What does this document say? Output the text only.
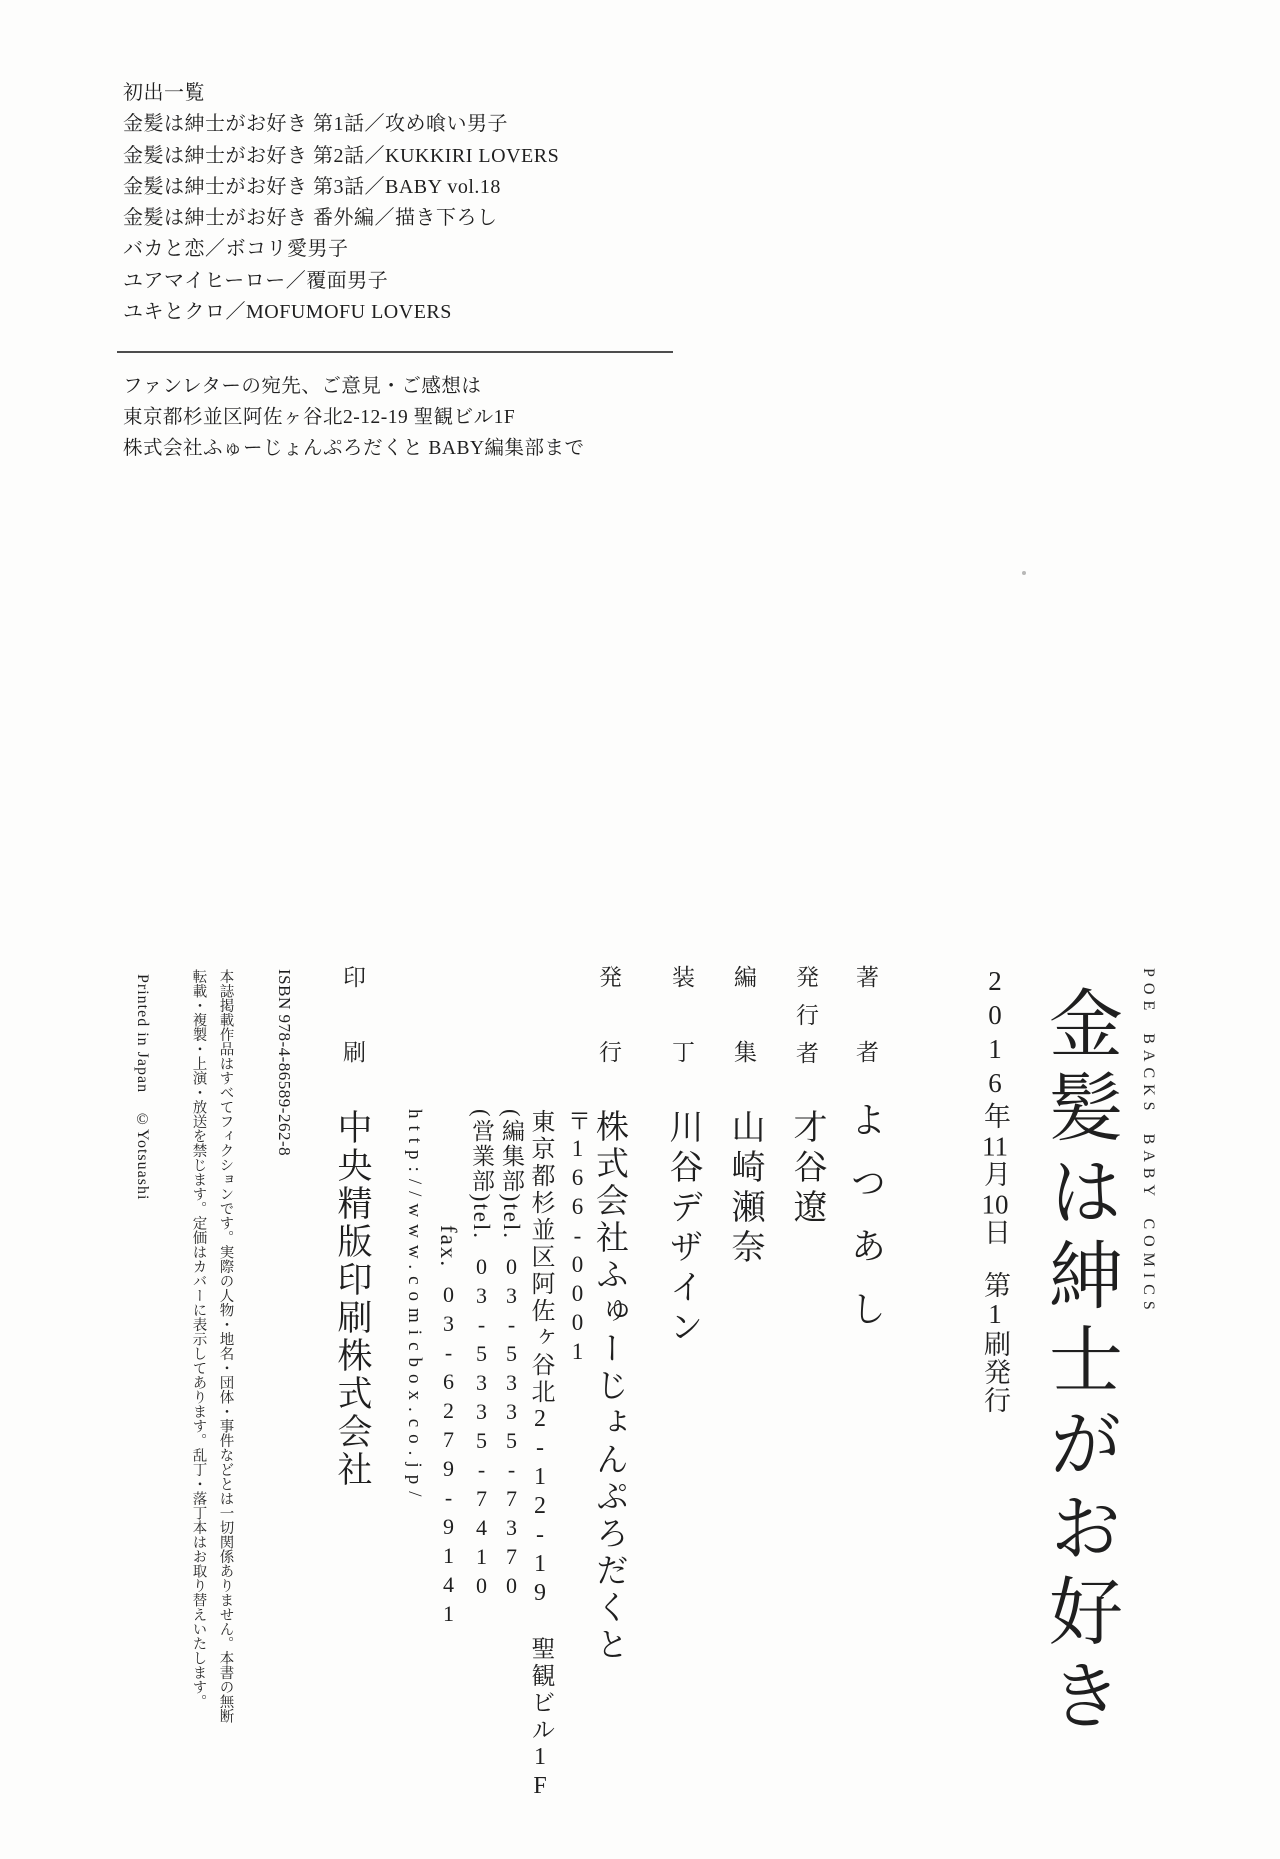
初出一覧
金髪は紳士がお好き 第1話／攻め喰い男子
金髪は紳士がお好き 第2話／KUKKIRI LOVERS
金髪は紳士がお好き 第3話／BABY vol.18
金髪は紳士がお好き 番外編／描き下ろし
バカと恋／ボコリ愛男子
ユアマイヒーロー／覆面男子
ユキとクロ／MOFUMOFU LOVERS
ファンレターの宛先、ご意見・ご感想は
東京都杉並区阿佐ヶ谷北2-12-19 聖観ビル1F
株式会社ふゅーじょんぷろだくと BABY編集部まで
POE BACKS BABY COMICS
金髪は紳士がお好き
2016年11月10日第1刷発行
著者
よつあし
発行者
才谷遼
編集
山崎瀬奈
装丁
川谷デザイン
発行
株式会社ふゅーじょんぷろだくと
〒166-0001
東京都杉並区阿佐ヶ谷北2-12-19　聖観ビル1F
(編集部)tel. 03-5335-7370
(営業部)tel. 03-5335-7410
fax. 03-6279-9141
http://www.comicbox.co.jp/
印刷
中央精版印刷株式会社
ISBN 978-4-86589-262-8
本誌掲載作品はすべてフィクションです。実際の人物・地名・団体・事件などとは一切関係ありません。本書の無断
転載・複製・上演・放送を禁じます。定価はカバーに表示してあります。乱丁・落丁本はお取り替えいたします。
Printed in Japan©Yotsuashi
